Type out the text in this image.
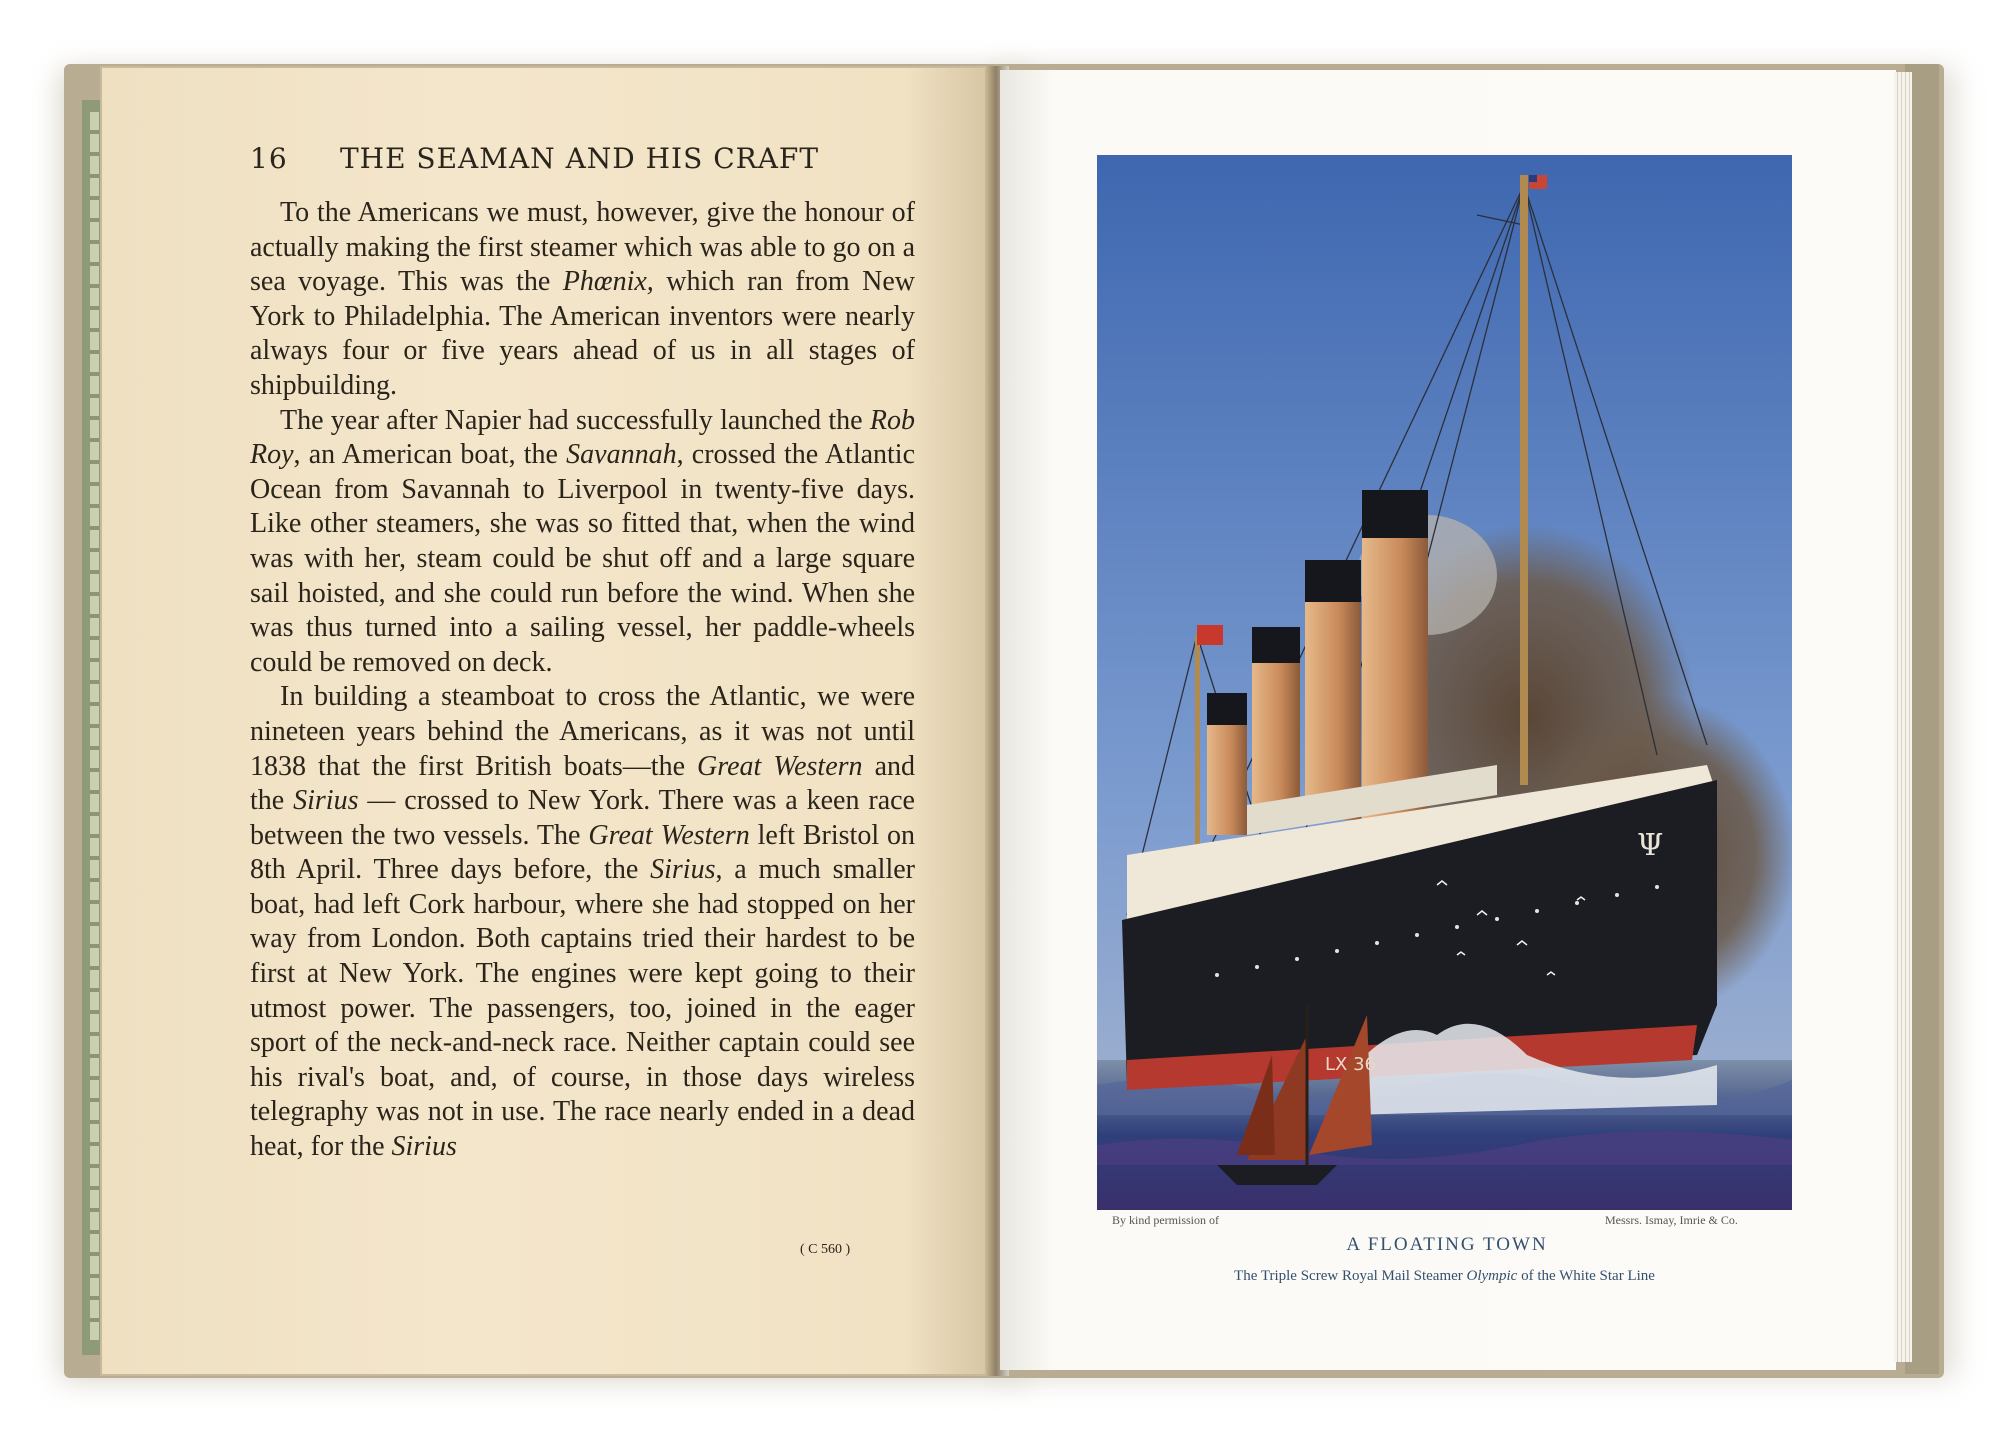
16 THE SEAMAN AND HIS CRAFT

To the Americans we must, however, give the honour of actually making the first steamer which was able to go on a sea voyage. This was the Phœnix, which ran from New York to Philadelphia. The American inventors were nearly always four or five years ahead of us in all stages of shipbuilding.

The year after Napier had successfully launched the Rob Roy, an American boat, the Savannah, crossed the Atlantic Ocean from Savannah to Liverpool in twenty-five days. Like other steamers, she was so fitted that, when the wind was with her, steam could be shut off and a large square sail hoisted, and she could run before the wind. When she was thus turned into a sailing vessel, her paddle-wheels could be removed on deck.

In building a steamboat to cross the Atlantic, we were nineteen years behind the Americans, as it was not until 1838 that the first British boats—the Great Western and the Sirius — crossed to New York. There was a keen race between the two vessels. The Great Western left Bristol on 8th April. Three days before, the Sirius, a much smaller boat, had left Cork harbour, where she had stopped on her way from London. Both captains tried their hardest to be first at New York. The engines were kept going to their utmost power. The passengers, too, joined in the eager sport of the neck-and-neck race. Neither captain could see his rival's boat, and, of course, in those days wireless telegraphy was not in use. The race nearly ended in a dead heat, for the Sirius

( C 560 )
Ψ
LX 36
By kind permission of	Messrs. Ismay, Imrie & Co.
A FLOATING TOWN
The Triple Screw Royal Mail Steamer Olympic of the White Star Line
